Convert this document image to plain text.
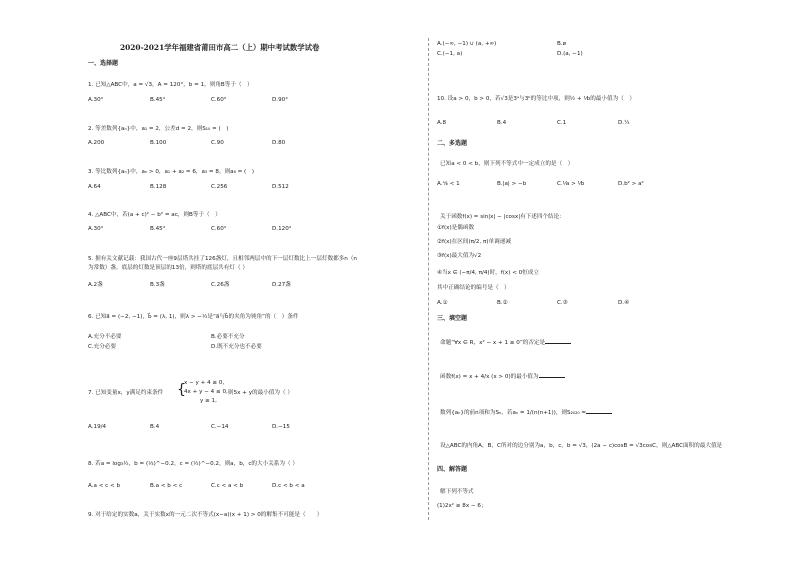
2020-2021学年福建省莆田市高二（上）期中考试数学试卷
一、选择题
1. 已知△ABC中，a = √3，A = 120°，b = 1，则角B等于（　）
A.30°	B.45°	C.60°	D.90°
2. 等差数列{aₙ}中，a₁ = 2，公差d = 2，则S₁₀ = (　)
A.200	B.100	C.90	D.80
3. 等比数列{aₙ}中，aₙ > 0，a₁ + a₂ = 6，a₃ = 8，则a₆ = (　)
A.64	B.128	C.256	D.512
4. △ABC中，若(a + c)² − b² = ac，则B等于（　）
A.30°	B.45°	C.60°	D.120°
5. 据有关文献记载：我国古代一座9层塔共挂了126盏灯，且相邻两层中的下一层灯数比上一层灯数都多n（n
为常数）盏，底层的灯数是顶层的13倍，则塔的底层共有灯（ ）
A.2盏	B.3盏	C.26盏	D.27盏
6. 已知a⃗ = (−2, −1)，b⃗ = (λ, 1)，则λ > −½是“a⃗与b⃗的夹角为钝角”的（　）条件
A.充分不必要	B.必要不充分
C.充分必要	D.既不充分也不必要
7. 已知变量x，y满足约束条件 {
x − y + 4 ≥ 0,
4x + y − 4 ≤ 0,
y ≥ 1,
则5x + y的最小值为（ ）
A.19/4	B.4	C.−14	D.−15
8. 若a = log₃½，b = (⅓)^−0.2，c = (½)^−0.2，则a，b，c的大小关系为（ ）
A.a < c < b	B.a < b < c	C.c < a < b	D.c < b < a
9. 对于给定的实数a，关于实数x的一元二次不等式(x−a)(x + 1) > 0的解集不可能是（　　）
A.(−∞, −1) ∪ (a, +∞)	B.ø
C.(−1, a)	D.(a, −1)
10. 设a > 0，b > 0，若√3是3ᵃ与3ᵇ的等比中项，则½ + ⅟b的最小值为（　）
A.8	B.4	C.1	D.¼
二、多选题
已知a < 0 < b，则下列不等式中一定成立的是（　）
A.ᵃ⁄ᵦ < 1	B.|a| > −b	C.⅟a > ⅟b	D.b² > a²
关于函数f(x) = sin|x| − |cosx|有下述四个结论：
①f(x)是偶函数
②f(x)在区间(π/2, π)单调递减
③f(x)最大值为√2
④当x ∈ (−π/4, π/4)时，f(x) < 0恒成立
其中正确结论的编号是（　）
A.①	B.②	C.③	D.④
三、填空题
命题“∀x ∈ R，x² − x + 1 ≥ 0”的否定是
函数f(x) = x + 4/x (x > 0)的最小值为
数列{aₙ}的前n项和为Sₙ，若aₙ = 1/(n(n+1))，则S₂₀₂₀ =
设△ABC的内角A，B，C所对的边分别为a，b，c，b = √3，(2a − c)cosB = √3cosC，则△ABC面积的最大值是
四、解答题
解下列不等式
(1)2x² ≥ 8x − 6；
